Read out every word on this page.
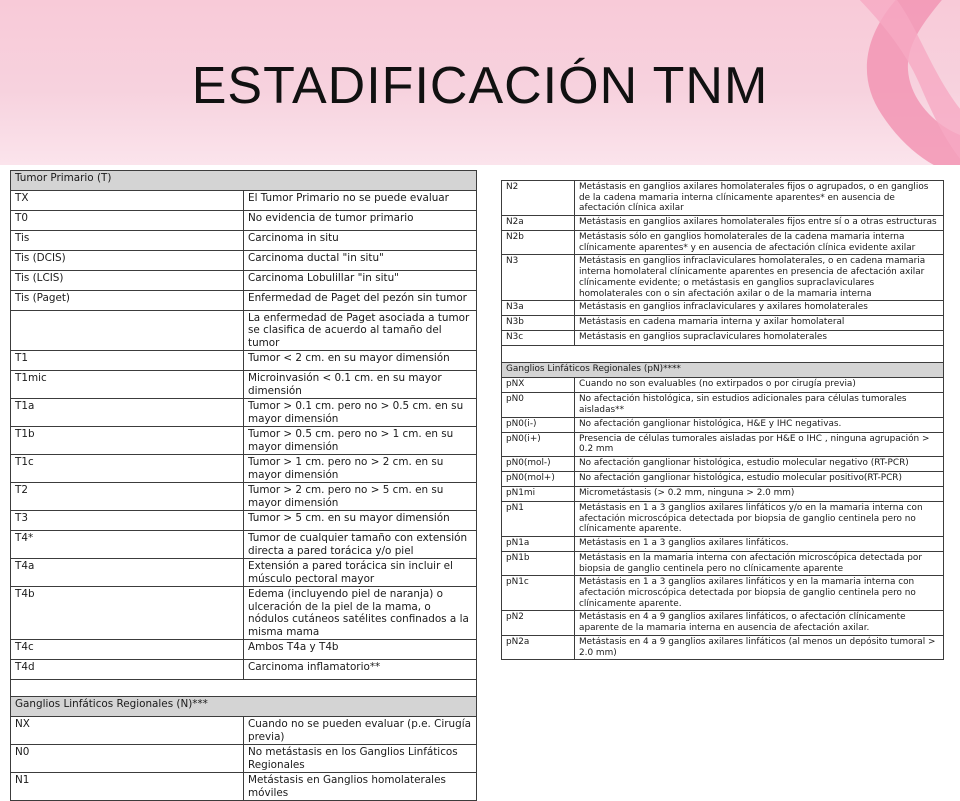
ESTADIFICACIÓN TNM
Tumor Primario (T)	
TX	El Tumor Primario no se puede evaluar
T0	No evidencia de tumor primario
Tis	Carcinoma in situ
Tis (DCIS)	Carcinoma ductal "in situ"
Tis (LCIS)	Carcinoma Lobulillar "in situ"
Tis (Paget)	Enfermedad de Paget del pezón sin tumor
	La enfermedad de Paget asociada a tumor se clasifica de acuerdo al tamaño del tumor
T1	Tumor < 2 cm. en su mayor dimensión
T1mic	Microinvasión < 0.1 cm. en su mayor dimensión
T1a	Tumor > 0.1 cm. pero no > 0.5 cm. en su mayor dimensión
T1b	Tumor > 0.5 cm. pero no > 1 cm. en su mayor dimensión
T1c	Tumor > 1 cm. pero no > 2 cm. en su mayor dimensión
T2	Tumor > 2 cm. pero no > 5 cm. en su mayor dimensión
T3	Tumor > 5 cm. en su mayor dimensión
T4*	Tumor de cualquier tamaño con extensión directa a pared torácica y/o piel
T4a	Extensión a pared torácica sin incluir el músculo pectoral mayor
T4b	Edema (incluyendo piel de naranja) o ulceración de la piel de la mama, o nódulos cutáneos satélites confinados a la misma mama
T4c	Ambos T4a y T4b
T4d	Carcinoma inflamatorio**

Ganglios Linfáticos Regionales (N)***	
NX	Cuando no se pueden evaluar (p.e. Cirugía previa)
N0	No metástasis en los Ganglios Linfáticos Regionales
N1	Metástasis en Ganglios homolaterales móviles
N2	Metástasis en ganglios axilares homolaterales fijos o agrupados, o en ganglios de la cadena mamaria interna clínicamente aparentes* en ausencia de afectación clínica axilar
N2a	Metástasis en ganglios axilares homolaterales fijos entre sí o a otras estructuras
N2b	Metástasis sólo en ganglios homolaterales de la cadena mamaria interna clínicamente aparentes* y en ausencia de afectación clínica evidente axilar
N3	Metástasis en ganglios infraclaviculares homolaterales, o en cadena mamaria interna homolateral clínicamente aparentes en presencia de afectación axilar clínicamente evidente; o metástasis en ganglios supraclaviculares homolaterales con o sin afectación axilar o de la mamaria interna
N3a	Metástasis en ganglios infraclaviculares y axilares homolaterales
N3b	Metástasis en cadena mamaria interna y axilar homolateral
N3c	Metástasis en ganglios supraclaviculares homolaterales

Ganglios Linfáticos Regionales (pN)****	
pNX	Cuando no son evaluables (no extirpados o por cirugía previa)
pN0	No afectación histológica, sin estudios adicionales para células tumorales aisladas**
pN0(i-)	No afectación ganglionar histológica, H&E y IHC negativas.
pN0(i+)	Presencia de células tumorales aisladas por H&E o IHC , ninguna agrupación > 0.2 mm
pN0(mol-)	No afectación ganglionar histológica, estudio molecular negativo (RT-PCR)
pN0(mol+)	No afectación ganglionar histológica, estudio molecular positivo(RT-PCR)
pN1mi	Micrometástasis (> 0.2 mm, ninguna > 2.0 mm)
pN1	Metástasis en 1 a 3 ganglios axilares linfáticos y/o en la mamaria interna con afectación microscópica detectada por biopsia de ganglio centinela pero no clínicamente aparente.
pN1a	Metástasis en 1 a 3 ganglios axilares linfáticos.
pN1b	Metástasis en la mamaria interna con afectación microscópica detectada por biopsia de ganglio centinela pero no clínicamente aparente
pN1c	Metástasis en 1 a 3 ganglios axilares linfáticos y en la mamaria interna con afectación microscópica detectada por biopsia de ganglio centinela pero no clínicamente aparente.
pN2	Metástasis en 4 a 9 ganglios axilares linfáticos, o afectación clínicamente aparente de la mamaria interna en ausencia de afectación axilar.
pN2a	Metástasis en 4 a 9 ganglios axilares linfáticos (al menos un depósito tumoral > 2.0 mm)
